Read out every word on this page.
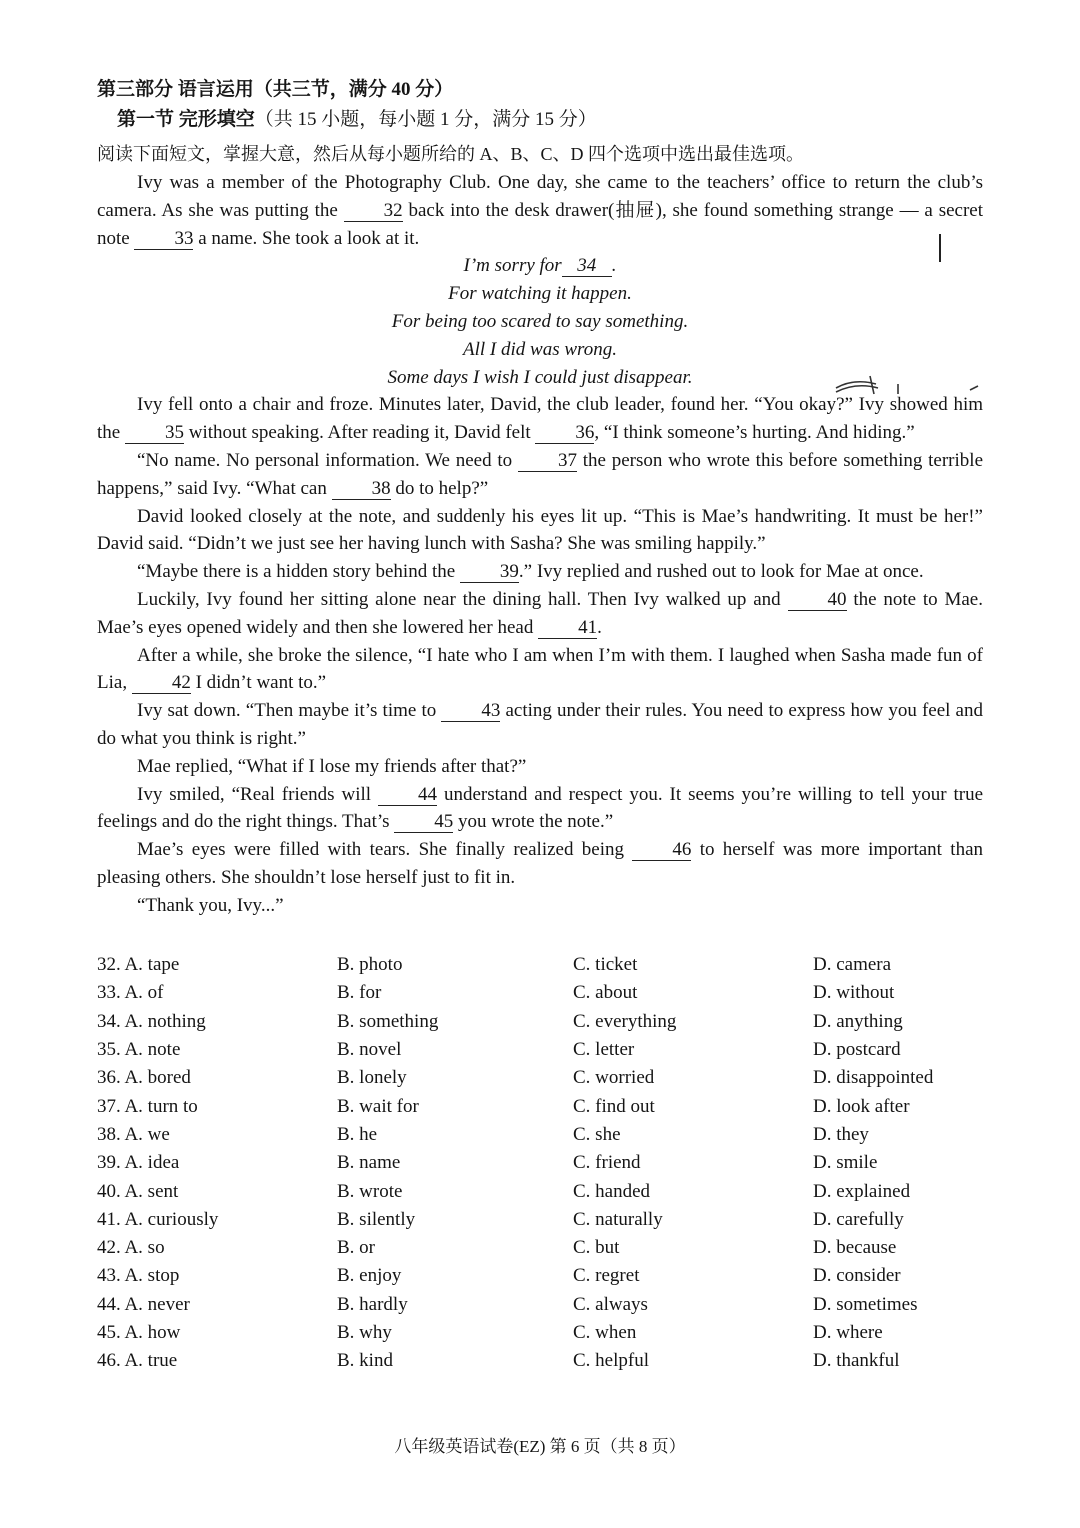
第三部分 语言运用（共三节，满分 40 分）
第一节 完形填空（共 15 小题，每小题 1 分，满分 15 分）
阅读下面短文，掌握大意，然后从每小题所给的 A、B、C、D 四个选项中选出最佳选项。

Ivy was a member of the Photography Club. One day, she came to the teachers’ office to return the club’s camera. As she was putting the 32 back into the desk drawer(抽屉), she found something strange — a secret note 33 a name. She took a look at it.

I’m sorry for 34 .

For watching it happen.

For being too scared to say something.

All I did was wrong.

Some days I wish I could just disappear.

Ivy fell onto a chair and froze. Minutes later, David, the club leader, found her. “You okay?” Ivy showed him the 35 without speaking. After reading it, David felt 36, “I think someone’s hurting. And hiding.”

“No name. No personal information. We need to 37 the person who wrote this before something terrible happens,” said Ivy. “What can 38 do to help?”

David looked closely at the note, and suddenly his eyes lit up. “This is Mae’s handwriting. It must be her!” David said. “Didn’t we just see her having lunch with Sasha? She was smiling happily.”

“Maybe there is a hidden story behind the 39.” Ivy replied and rushed out to look for Mae at once.

Luckily, Ivy found her sitting alone near the dining hall. Then Ivy walked up and 40 the note to Mae. Mae’s eyes opened widely and then she lowered her head 41.

After a while, she broke the silence, “I hate who I am when I’m with them. I laughed when Sasha made fun of Lia, 42 I didn’t want to.”

Ivy sat down. “Then maybe it’s time to 43 acting under their rules. You need to express how you feel and do what you think is right.”

Mae replied, “What if I lose my friends after that?”

Ivy smiled, “Real friends will 44 understand and respect you. It seems you’re willing to tell your true feelings and do the right things. That’s 45 you wrote the note.”

Mae’s eyes were filled with tears. She finally realized being 46 to herself was more important than pleasing others. She shouldn’t lose herself just to fit in.

“Thank you, Ivy...”

32. A. tape	B. photo	C. ticket	D. camera
33. A. of	B. for	C. about	D. without
34. A. nothing	B. something	C. everything	D. anything
35. A. note	B. novel	C. letter	D. postcard
36. A. bored	B. lonely	C. worried	D. disappointed
37. A. turn to	B. wait for	C. find out	D. look after
38. A. we	B. he	C. she	D. they
39. A. idea	B. name	C. friend	D. smile
40. A. sent	B. wrote	C. handed	D. explained
41. A. curiously	B. silently	C. naturally	D. carefully
42. A. so	B. or	C. but	D. because
43. A. stop	B. enjoy	C. regret	D. consider
44. A. never	B. hardly	C. always	D. sometimes
45. A. how	B. why	C. when	D. where
46. A. true	B. kind	C. helpful	D. thankful
八年级英语试卷(EZ) 第 6 页（共 8 页）
